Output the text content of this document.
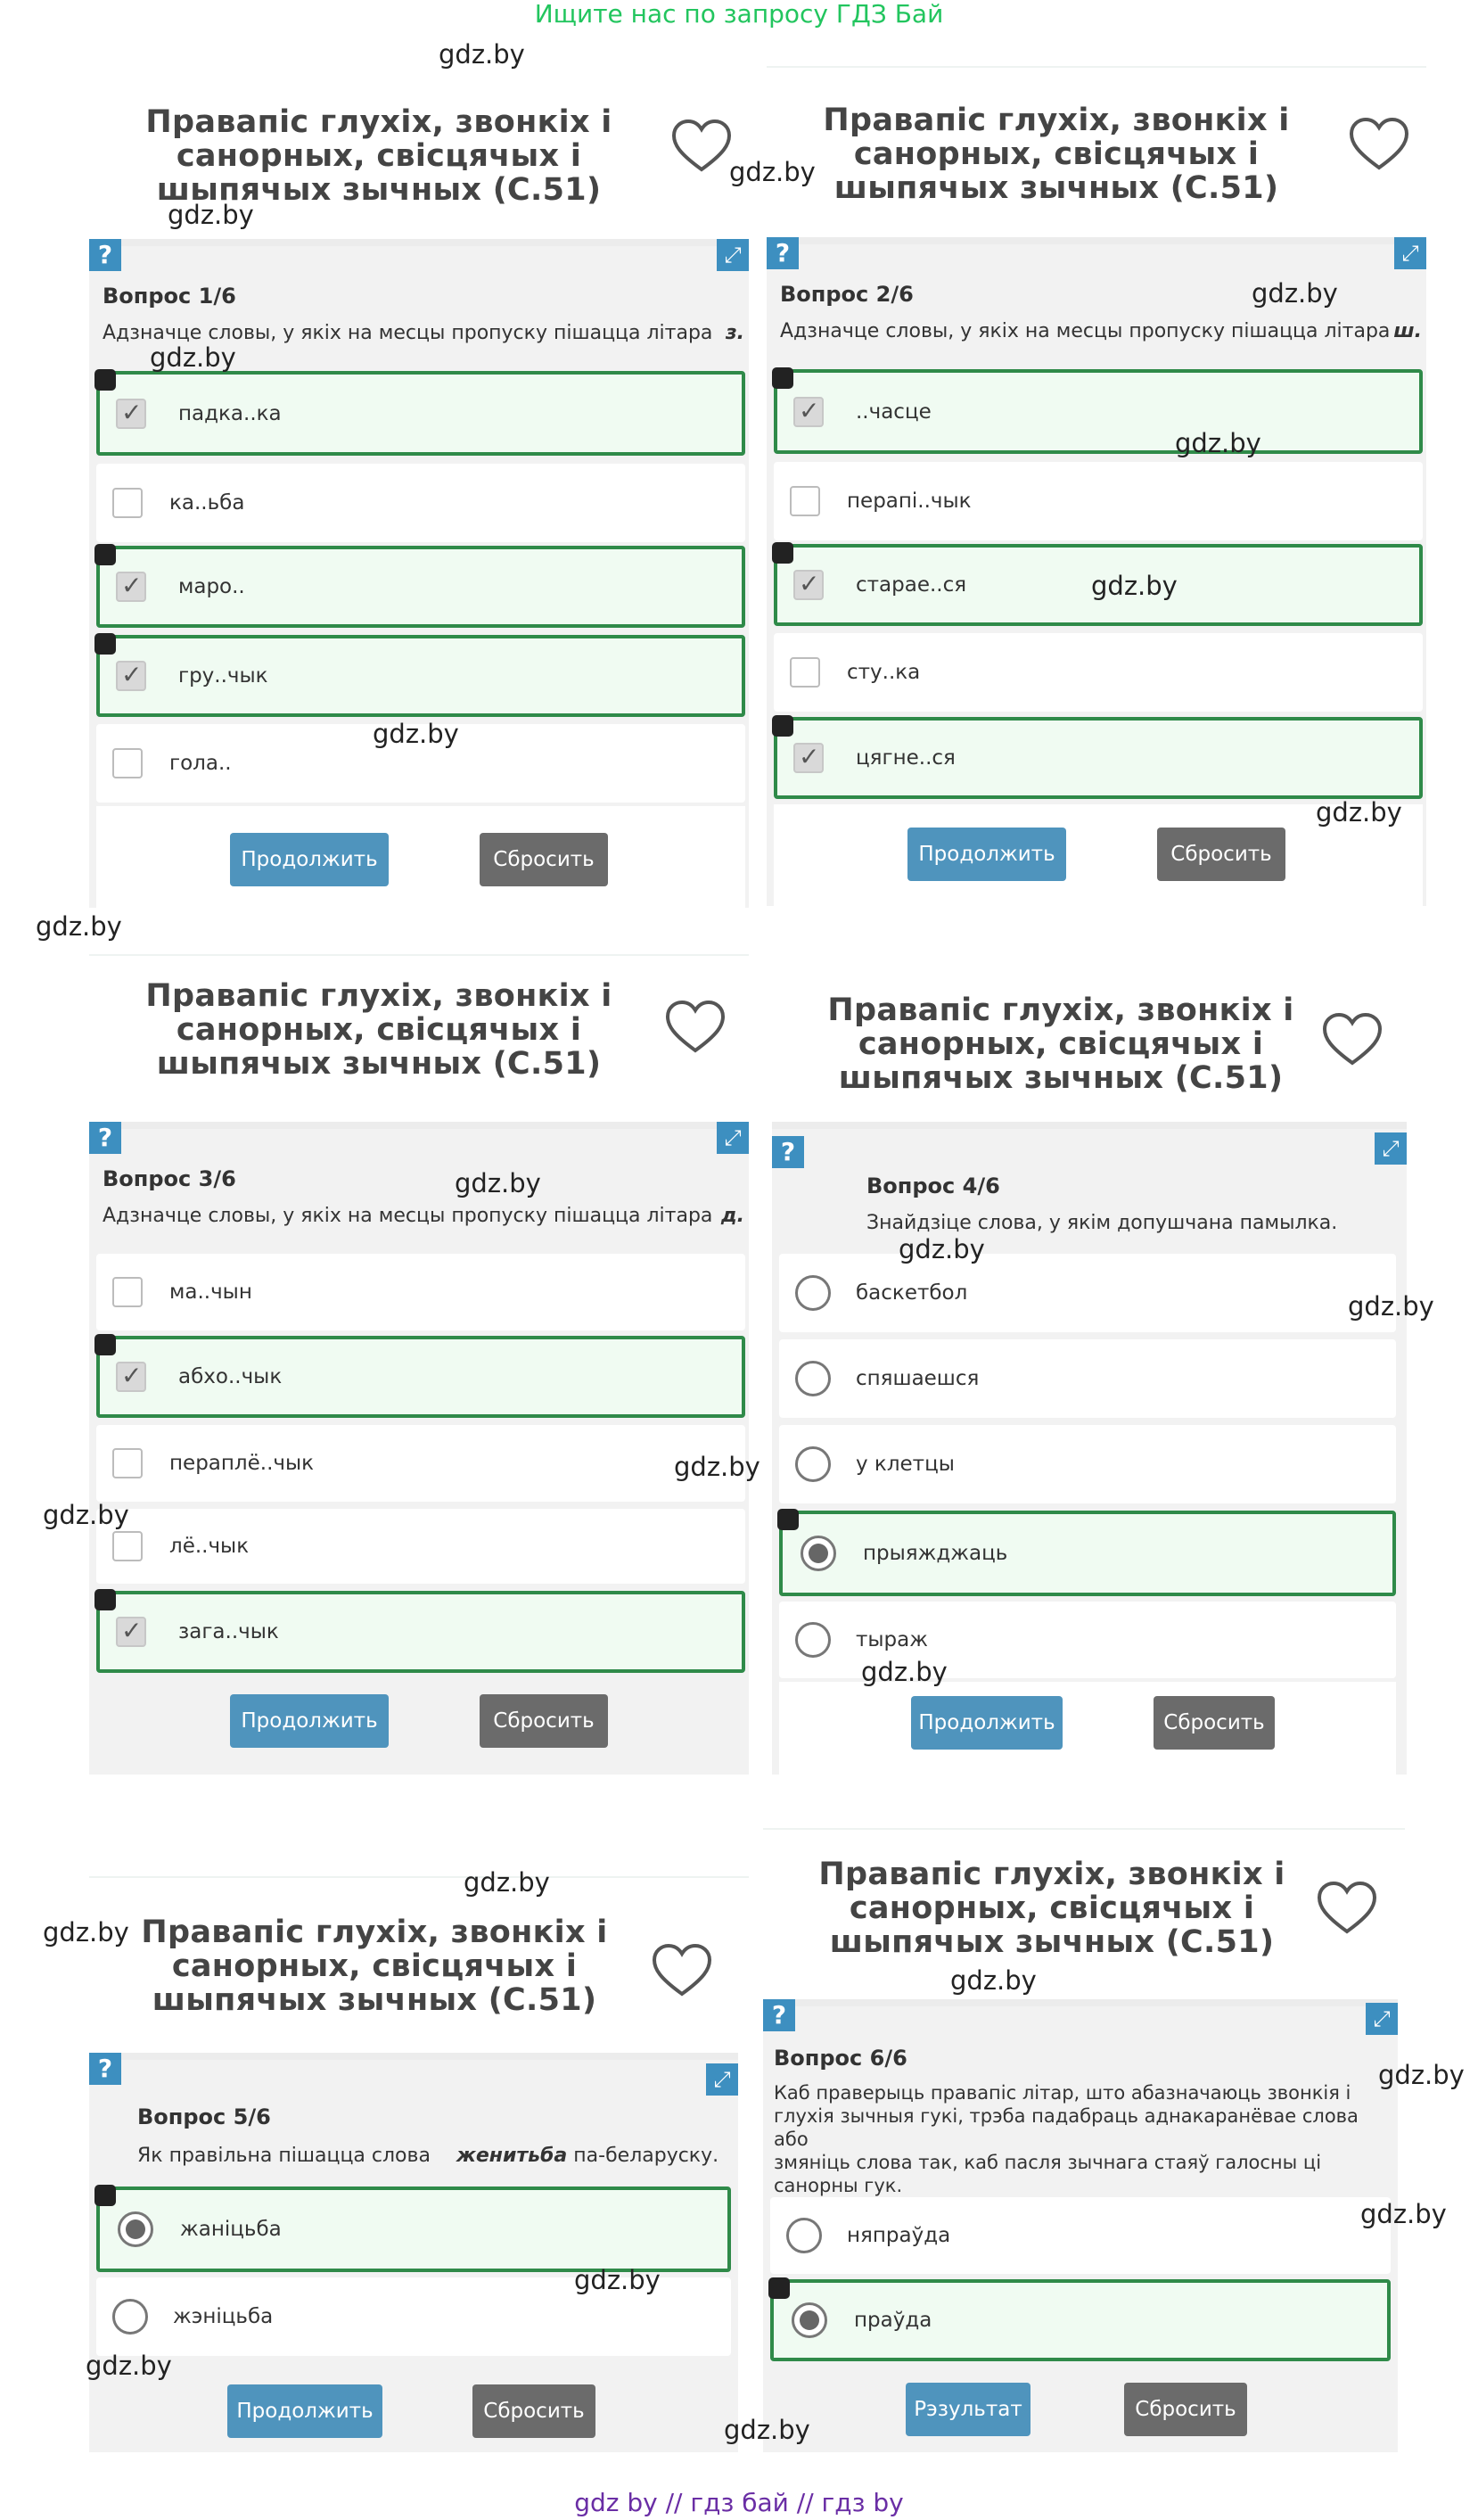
Ищите нас по запросу ГДЗ Бай
Правапіс глухіх, звонкіх і
санорных, свісцячых і
шыпячых зычных (С.51)
?	⤢
Вопрос 1/6
Адзначце словы, у якіх на месцы пропуску пішацца літара з.
✓ падка..ка
ка..ьба
✓ маро..
✓ гру..чык
гола..
Продолжить	Сбросить
Правапіс глухіх, звонкіх і
санорных, свісцячых і
шыпячых зычных (С.51)
?	⤢
Вопрос 2/6
Адзначце словы, у якіх на месцы пропуску пішацца літара ш.
✓ ..часце
перапі..чык
✓ старае..ся
сту..ка
✓ цягне..ся
Продолжить	Сбросить
Правапіс глухіх, звонкіх і
санорных, свісцячых і
шыпячых зычных (С.51)
?	⤢
Вопрос 3/6
Адзначце словы, у якіх на месцы пропуску пішацца літара д.
ма..чын
✓ абхо..чык
пераплё..чык
лё..чык
✓ зага..чык
Продолжить	Сбросить
Правапіс глухіх, звонкіх і
санорных, свісцячых і
шыпячых зычных (С.51)
?	⤢
Вопрос 4/6
Знайдзіце слова, у якім допушчана памылка.
баскетбол
спяшаешся
у клетцы
прыяжджаць
тыраж
Продолжить	Сбросить
Правапіс глухіх, звонкіх і
санорных, свісцячых і
шыпячых зычных (С.51)
?	⤢
Вопрос 5/6
Як правільна пішацца слова женитьба па-беларуску.
жаніцьба
жэніцьба
Продолжить	Сбросить
Правапіс глухіх, звонкіх і
санорных, свісцячых і
шыпячых зычных (С.51)
?	⤢
Вопрос 6/6
Каб праверыць правапіс літар, што абазначаюць звонкія і
глухія зычныя гукі, трэба падабраць аднакаранёвае слова або
змяніць слова так, каб пасля зычнага стаяў галосны ці
санорны гук.
няпраўда
праўда
Рэзультат	Сбросить
gdz.by
gdz.by
gdz.by
gdz.by
gdz.by
gdz.by
gdz.by
gdz.by
gdz.by
gdz.by
gdz.by
gdz.by
gdz.by
gdz.by
gdz.by
gdz.by
gdz.by
gdz.by
gdz.by
gdz.by
gdz.by
gdz.by
gdz.by
gdz.by
gdz by // гдз бай // гдз by
